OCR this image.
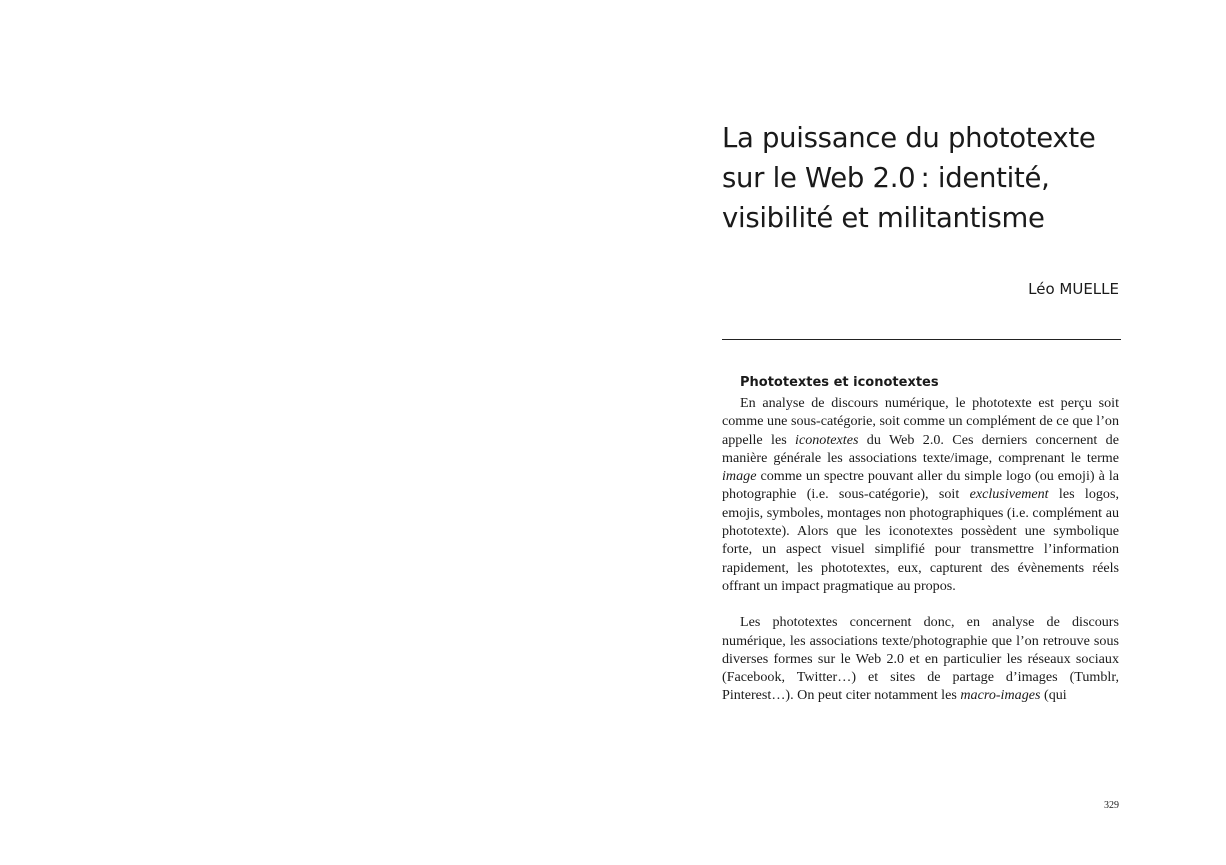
La puissance du phototexte
sur le Web 2.0 : identité,
visibilité et militantisme
Léo MUELLE
Phototextes et iconotextes

En analyse de discours numérique, le phototexte est perçu soit comme une sous-catégorie, soit comme un complément de ce que l’on appelle les iconotextes du Web 2.0. Ces derniers concernent de manière générale les associations texte/image, comprenant le terme image comme un spectre pouvant aller du simple logo (ou emoji) à la photographie (i.e. sous-catégorie), soit exclusivement les logos, emojis, symboles, montages non photographiques (i.e. complément au phototexte). Alors que les iconotextes possèdent une symbolique forte, un aspect visuel simplifié pour transmettre l’information rapidement, les phototextes, eux, capturent des évènements réels offrant un impact pragmatique au propos.

Les phototextes concernent donc, en analyse de discours numérique, les associations texte/photographie que l’on retrouve sous diverses formes sur le Web 2.0 et en particulier les réseaux sociaux (Facebook, Twitter…) et sites de partage d’images (Tumblr, Pinterest…). On peut citer notamment les macro-images (qui

329
